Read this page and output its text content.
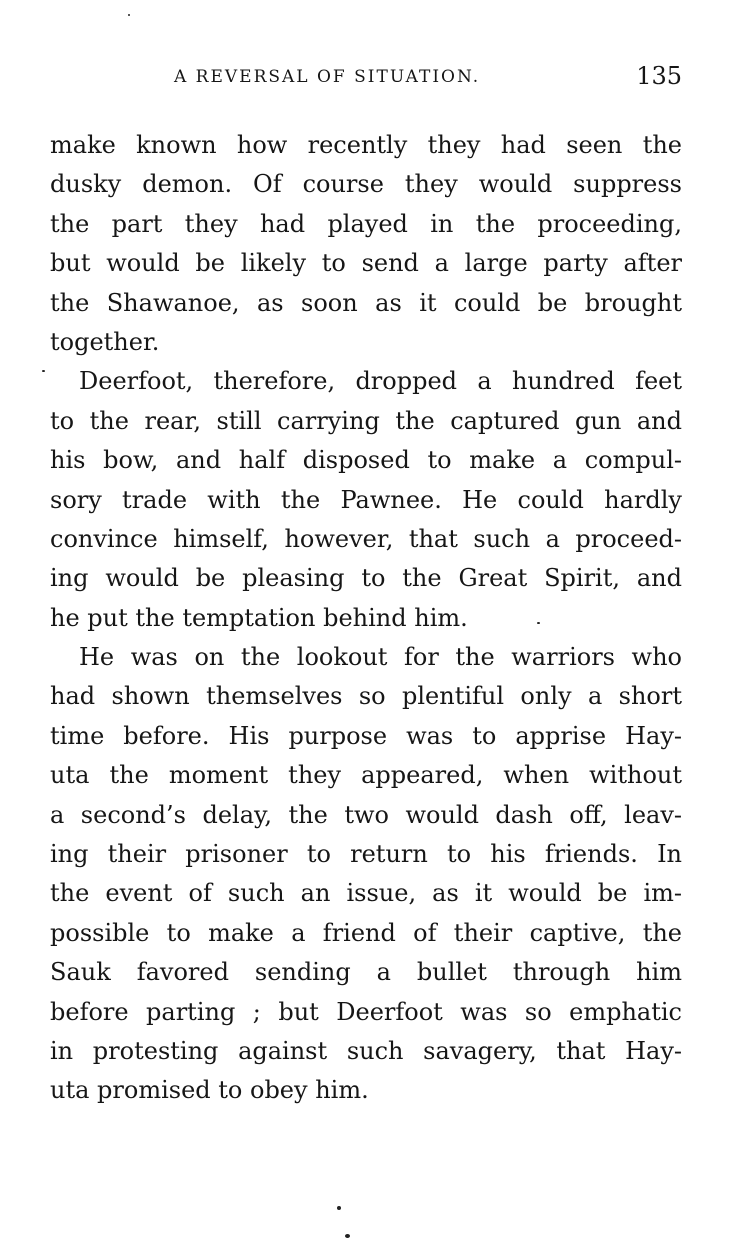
A REVERSAL OF SITUATION.	135
make known how recently they had seen the
dusky demon. Of course they would suppress
the part they had played in the proceeding,
but would be likely to send a large party after
the Shawanoe, as soon as it could be brought
together.
Deerfoot, therefore, dropped a hundred feet
to the rear, still carrying the captured gun and
his bow, and half disposed to make a compul-
sory trade with the Pawnee. He could hardly
convince himself, however, that such a proceed-
ing would be pleasing to the Great Spirit, and
he put the temptation behind him.
He was on the lookout for the warriors who
had shown themselves so plentiful only a short
time before. His purpose was to apprise Hay-
uta the moment they appeared, when without
a second’s delay, the two would dash off, leav-
ing their prisoner to return to his friends. In
the event of such an issue, as it would be im-
possible to make a friend of their captive, the
Sauk favored sending a bullet through him
before parting ; but Deerfoot was so emphatic
in protesting against such savagery, that Hay-
uta promised to obey him.
